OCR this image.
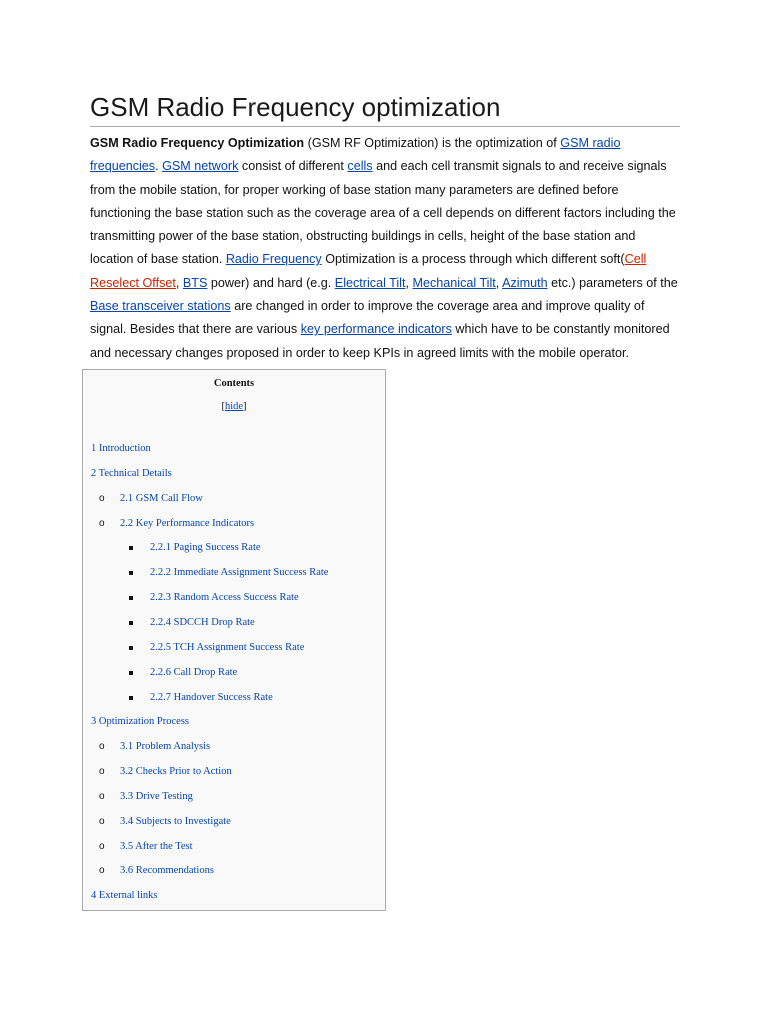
GSM Radio Frequency optimization

GSM Radio Frequency Optimization (GSM RF Optimization) is the optimization of GSM radio frequencies. GSM network consist of different cells and each cell transmit signals to and receive signals from the mobile station, for proper working of base station many parameters are defined before functioning the base station such as the coverage area of a cell depends on different factors including the transmitting power of the base station, obstructing buildings in cells, height of the base station and location of base station. Radio Frequency Optimization is a process through which different soft(Cell Reselect Offset, BTS power) and hard (e.g. Electrical Tilt, Mechanical Tilt, Azimuth etc.) parameters of the Base transceiver stations are changed in order to improve the coverage area and improve quality of signal. Besides that there are various key performance indicators which have to be constantly monitored and necessary changes proposed in order to keep KPIs in agreed limits with the mobile operator.

Contents
[hide]
1 Introduction
2 Technical Details
o 2.1 GSM Call Flow
o 2.2 Key Performance Indicators
2.2.1 Paging Success Rate
2.2.2 Immediate Assignment Success Rate
2.2.3 Random Access Success Rate
2.2.4 SDCCH Drop Rate
2.2.5 TCH Assignment Success Rate
2.2.6 Call Drop Rate
2.2.7 Handover Success Rate
3 Optimization Process
o 3.1 Problem Analysis
o 3.2 Checks Prior to Action
o 3.3 Drive Testing
o 3.4 Subjects to Investigate
o 3.5 After the Test
o 3.6 Recommendations
4 External links
